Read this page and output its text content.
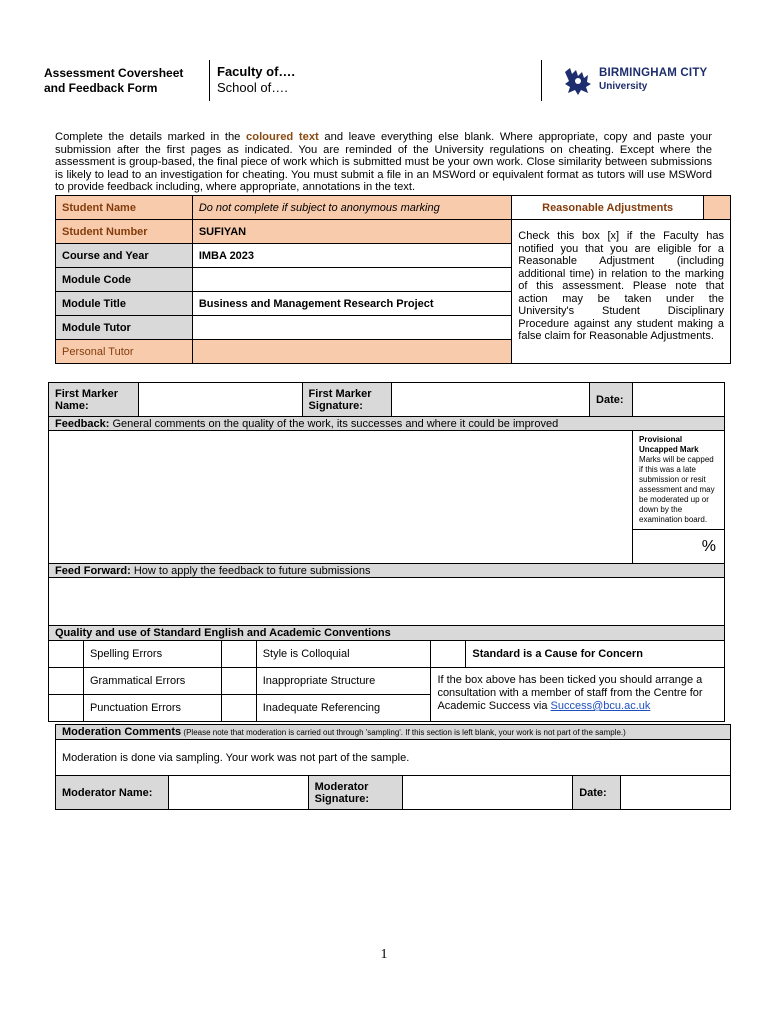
Assessment Coversheet
and Feedback Form
Faculty of….
School of….
BIRMINGHAM CITY
University
Complete the details marked in the coloured text and leave everything else blank. Where appropriate, copy and paste your submission after the first pages as indicated. You are reminded of the University regulations on cheating. Except where the assessment is group-based, the final piece of work which is submitted must be your own work. Close similarity between submissions is likely to lead to an investigation for cheating. You must submit a file in an MSWord or equivalent format as tutors will use MSWord to provide feedback including, where appropriate, annotations in the text.
Student Name	Do not complete if subject to anonymous marking	Reasonable Adjustments	
Student Number	SUFIYAN	Check this box [x] if the Faculty has notified you that you are eligible for a Reasonable Adjustment (including additional time) in relation to the marking of this assessment. Please note that action may be taken under the University's Student Disciplinary Procedure against any student making a false claim for Reasonable Adjustments.	
Course and Year	IMBA 2023		
Module Code			
Module Title	Business and Management Research Project		
Module Tutor			
Personal Tutor			
First Marker Name:		First Marker Signature:		Date:	
Feedback: General comments on the quality of the work, its successes and where it could be improved					

					Provisional Uncapped Mark
Marks will be capped if this was a late submission or resit assessment and may be moderated up or down by the examination board.

					%
Feed Forward: How to apply the feedback to future submissions					

Quality and use of Standard English and Academic Conventions					
	Spelling Errors		Style is Colloquial		Standard is a Cause for Concern
	Grammatical Errors		Inappropriate Structure	If the box above has been ticked you should arrange a consultation with a member of staff from the Centre for Academic Success via Success@bcu.ac.uk	
	Punctuation Errors		Inadequate Referencing		
Moderation Comments (Please note that moderation is carried out through 'sampling'. If this section is left blank, your work is not part of the sample.)
Moderation is done via sampling. Your work was not part of the sample.
Moderator Name:		Moderator Signature:		Date:	
1
